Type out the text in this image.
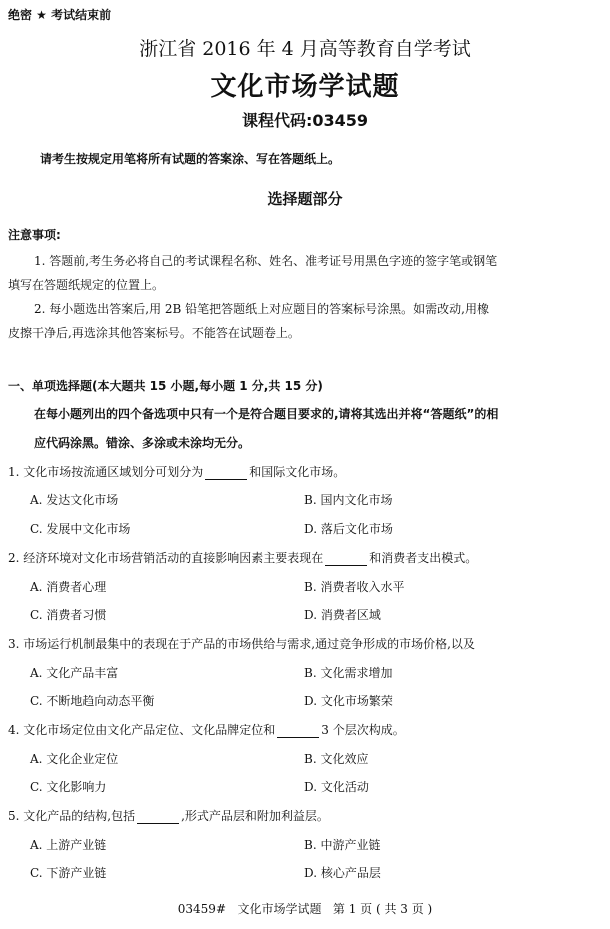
绝密 ★ 考试结束前
浙江省 2016 年 4 月高等教育自学考试
文化市场学试题
课程代码:03459
请考生按规定用笔将所有试题的答案涂、写在答题纸上。
选择题部分
注意事项:
1. 答题前,考生务必将自己的考试课程名称、姓名、准考证号用黑色字迹的签字笔或钢笔
填写在答题纸规定的位置上。
2. 每小题选出答案后,用 2B 铅笔把答题纸上对应题目的答案标号涂黑。如需改动,用橡
皮擦干净后,再选涂其他答案标号。不能答在试题卷上。
一、单项选择题(本大题共 15 小题,每小题 1 分,共 15 分)
在每小题列出的四个备选项中只有一个是符合题目要求的,请将其选出并将“答题纸”的相
应代码涂黑。错涂、多涂或未涂均无分。
1. 文化市场按流通区域划分可划分为	和国际文化市场。
A. 发达文化市场	B. 国内文化市场
C. 发展中文化市场	D. 落后文化市场
2. 经济环境对文化市场营销活动的直接影响因素主要表现在	和消费者支出模式。
A. 消费者心理	B. 消费者收入水平
C. 消费者习惯	D. 消费者区域
3. 市场运行机制最集中的表现在于产品的市场供给与需求,通过竞争形成的市场价格,以及
A. 文化产品丰富	B. 文化需求增加
C. 不断地趋向动态平衡	D. 文化市场繁荣
4. 文化市场定位由文化产品定位、文化品牌定位和	3 个层次构成。
A. 文化企业定位	B. 文化效应
C. 文化影响力	D. 文化活动
5. 文化产品的结构,包括	,形式产品层和附加利益层。
A. 上游产业链	B. 中游产业链
C. 下游产业链	D. 核心产品层
03459#   文化市场学试题   第 1 页 ( 共 3 页 )
